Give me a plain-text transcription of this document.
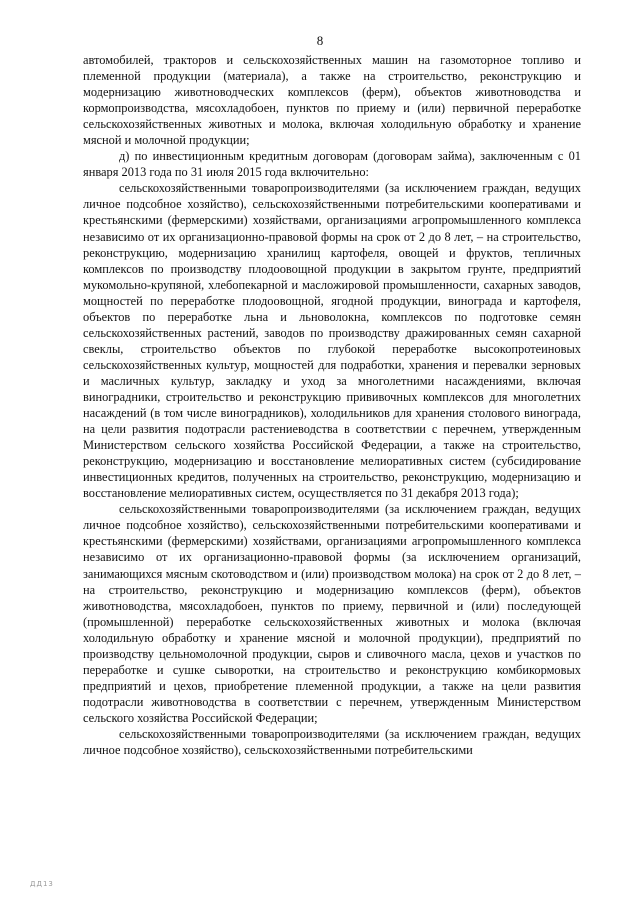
8

автомобилей, тракторов и сельскохозяйственных машин на газомоторное топливо и племенной продукции (материала), а также на строительство, реконструкцию и модернизацию животноводческих комплексов (ферм), объектов животноводства и кормопроизводства, мясохладобоен, пунктов по приему и (или) первичной переработке сельскохозяйственных животных и молока, включая холодильную обработку и хранение мясной и молочной продукции;

д) по инвестиционным кредитным договорам (договорам займа), заключенным с 01 января 2013 года по 31 июля 2015 года включительно:

сельскохозяйственными товаропроизводителями (за исключением граждан, ведущих личное подсобное хозяйство), сельскохозяйственными потребительскими кооперативами и крестьянскими (фермерскими) хозяйствами, организациями агропромышленного комплекса независимо от их организационно-правовой формы на срок от 2 до 8 лет, – на строительство, реконструкцию, модернизацию хранилищ картофеля, овощей и фруктов, тепличных комплексов по производству плодоовощной продукции в закрытом грунте, предприятий мукомольно-крупяной, хлебопекарной и масложировой промышленности, сахарных заводов, мощностей по переработке плодоовощной, ягодной продукции, винограда и картофеля, объектов по переработке льна и льноволокна, комплексов по подготовке семян сельскохозяйственных растений, заводов по производству дражированных семян сахарной свеклы, строительство объектов по глубокой переработке высокопротеиновых сельскохозяйственных культур, мощностей для подработки, хранения и перевалки зерновых и масличных культур, закладку и уход за многолетними насаждениями, включая виноградники, строительство и реконструкцию прививочных комплексов для многолетних насаждений (в том числе виноградников), холодильников для хранения столового винограда, на цели развития подотрасли растениеводства в соответствии с перечнем, утвержденным Министерством сельского хозяйства Российской Федерации, а также на строительство, реконструкцию, модернизацию и восстановление мелиоративных систем (субсидирование инвестиционных кредитов, полученных на строительство, реконструкцию, модернизацию и восстановление мелиоративных систем, осуществляется по 31 декабря 2013 года);

сельскохозяйственными товаропроизводителями (за исключением граждан, ведущих личное подсобное хозяйство), сельскохозяйственными потребительскими кооперативами и крестьянскими (фермерскими) хозяйствами, организациями агропромышленного комплекса независимо от их организационно-правовой формы (за исключением организаций, занимающихся мясным скотоводством и (или) производством молока) на срок от 2 до 8 лет, – на строительство, реконструкцию и модернизацию комплексов (ферм), объектов животноводства, мясохладобоен, пунктов по приему, первичной и (или) последующей (промышленной) переработке сельскохозяйственных животных и молока (включая холодильную обработку и хранение мясной и молочной продукции), предприятий по производству цельномолочной продукции, сыров и сливочного масла, цехов и участков по переработке и сушке сыворотки, на строительство и реконструкцию комбикормовых предприятий и цехов, приобретение племенной продукции, а также на цели развития подотрасли животноводства в соответствии с перечнем, утвержденным Министерством сельского хозяйства Российской Федерации;

сельскохозяйственными товаропроизводителями (за исключением граждан, ведущих личное подсобное хозяйство), сельскохозяйственными потребительскими

ДД13
